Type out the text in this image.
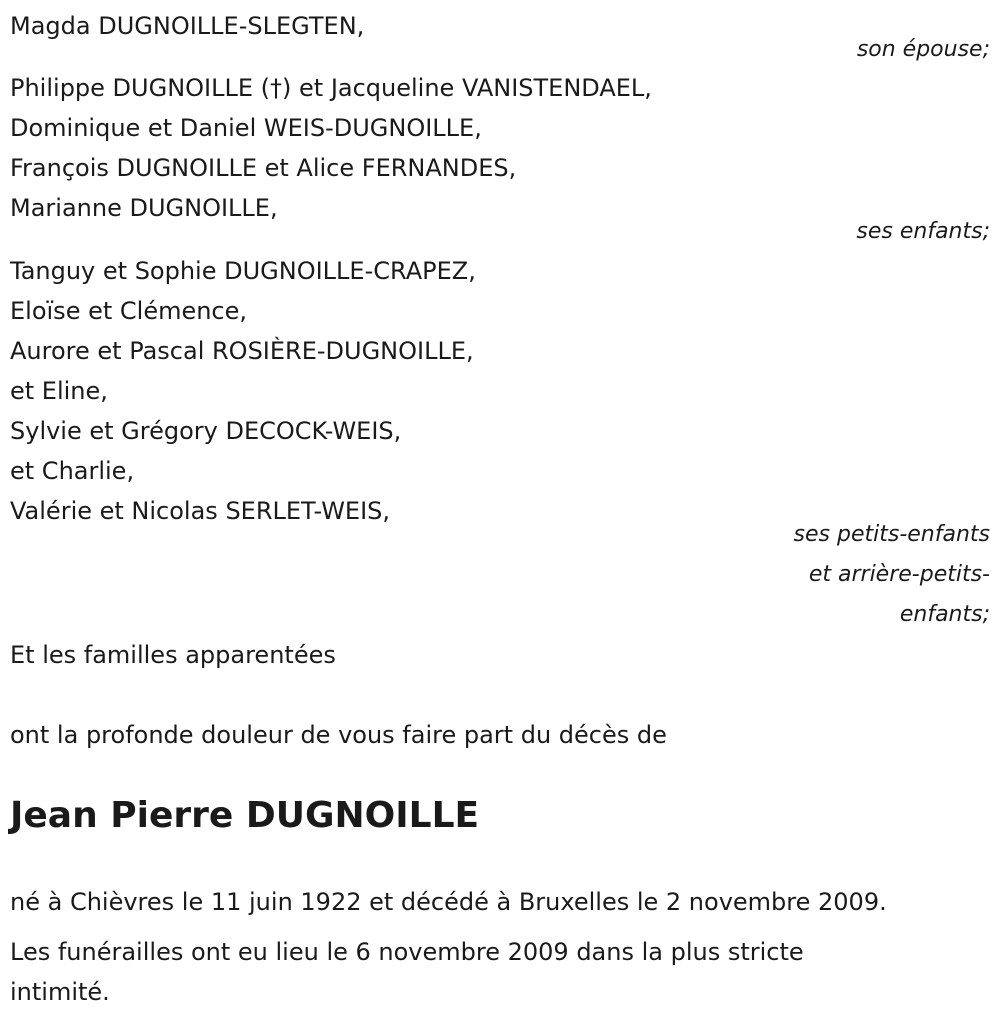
Magda DUGNOILLE-SLEGTEN,
son épouse;
Philippe DUGNOILLE (†) et Jacqueline VANISTENDAEL,
Dominique et Daniel WEIS-DUGNOILLE,
François DUGNOILLE et Alice FERNANDES,
Marianne DUGNOILLE,
ses enfants;
Tanguy et Sophie DUGNOILLE-CRAPEZ,
Eloïse et Clémence,
Aurore et Pascal ROSIÈRE-DUGNOILLE,
et Eline,
Sylvie et Grégory DECOCK-WEIS,
et Charlie,
Valérie et Nicolas SERLET-WEIS,
ses petits-enfants
et arrière-petits-
enfants;
Et les familles apparentées
ont la profonde douleur de vous faire part du décès de
Jean Pierre DUGNOILLE
né à Chièvres le 11 juin 1922 et décédé à Bruxelles le 2 novembre 2009.
Les funérailles ont eu lieu le 6 novembre 2009 dans la plus stricte intimité.
